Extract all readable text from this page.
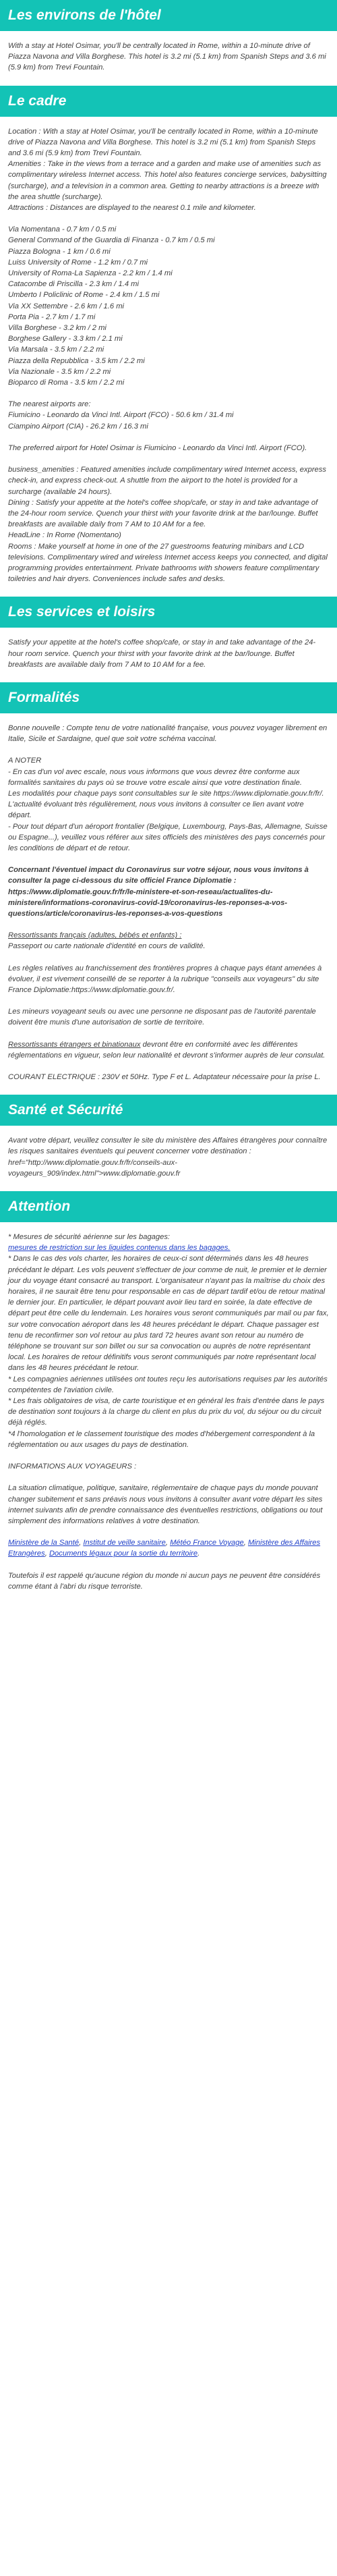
Les environs de l'hôtel

With a stay at Hotel Osimar, you'll be centrally located in Rome, within a 10-minute drive of Piazza Navona and Villa Borghese. This hotel is 3.2 mi (5.1 km) from Spanish Steps and 3.6 mi (5.9 km) from Trevi Fountain.

Le cadre

Location : With a stay at Hotel Osimar, you'll be centrally located in Rome, within a 10-minute drive of Piazza Navona and Villa Borghese. This hotel is 3.2 mi (5.1 km) from Spanish Steps and 3.6 mi (5.9 km) from Trevi Fountain.
Amenities : Take in the views from a terrace and a garden and make use of amenities such as complimentary wireless Internet access. This hotel also features concierge services, babysitting (surcharge), and a television in a common area. Getting to nearby attractions is a breeze with the area shuttle (surcharge).
Attractions : Distances are displayed to the nearest 0.1 mile and kilometer.

Via Nomentana - 0.7 km / 0.5 mi
General Command of the Guardia di Finanza - 0.7 km / 0.5 mi
Piazza Bologna - 1 km / 0.6 mi
Luiss University of Rome - 1.2 km / 0.7 mi
University of Roma-La Sapienza - 2.2 km / 1.4 mi
Catacombe di Priscilla - 2.3 km / 1.4 mi
Umberto I Policlinic of Rome - 2.4 km / 1.5 mi
Via XX Settembre - 2.6 km / 1.6 mi
Porta Pia - 2.7 km / 1.7 mi
Villa Borghese - 3.2 km / 2 mi
Borghese Gallery - 3.3 km / 2.1 mi
Via Marsala - 3.5 km / 2.2 mi
Piazza della Repubblica - 3.5 km / 2.2 mi
Via Nazionale - 3.5 km / 2.2 mi
Bioparco di Roma - 3.5 km / 2.2 mi

The nearest airports are:
Fiumicino - Leonardo da Vinci Intl. Airport (FCO) - 50.6 km / 31.4 mi
Ciampino Airport (CIA) - 26.2 km / 16.3 mi

The preferred airport for Hotel Osimar is Fiumicino - Leonardo da Vinci Intl. Airport (FCO).

business_amenities : Featured amenities include complimentary wired Internet access, express check-in, and express check-out. A shuttle from the airport to the hotel is provided for a surcharge (available 24 hours).
Dining : Satisfy your appetite at the hotel's coffee shop/cafe, or stay in and take advantage of the 24-hour room service. Quench your thirst with your favorite drink at the bar/lounge. Buffet breakfasts are available daily from 7 AM to 10 AM for a fee.
HeadLine : In Rome (Nomentano)
Rooms : Make yourself at home in one of the 27 guestrooms featuring minibars and LCD televisions. Complimentary wired and wireless Internet access keeps you connected, and digital programming provides entertainment. Private bathrooms with showers feature complimentary toiletries and hair dryers. Conveniences include safes and desks.

Les services et loisirs

Satisfy your appetite at the hotel's coffee shop/cafe, or stay in and take advantage of the 24-hour room service. Quench your thirst with your favorite drink at the bar/lounge. Buffet breakfasts are available daily from 7 AM to 10 AM for a fee.

Formalités

Bonne nouvelle : Compte tenu de votre nationalité française, vous pouvez voyager librement en Italie, Sicile et Sardaigne, quel que soit votre schéma vaccinal.

A NOTER
- En cas d'un vol avec escale, nous vous informons que vous devrez être conforme aux formalités sanitaires du pays où se trouve votre escale ainsi que votre destination finale.
Les modalités pour chaque pays sont consultables sur le site https://www.diplomatie.gouv.fr/fr/. L'actualité évoluant très régulièrement, nous vous invitons à consulter ce lien avant votre départ.
- Pour tout départ d'un aéroport frontalier (Belgique, Luxembourg, Pays-Bas, Allemagne, Suisse ou Espagne...), veuillez vous référer aux sites officiels des ministères des pays concernés pour les conditions de départ et de retour.

Concernant l'éventuel impact du Coronavirus sur votre séjour, nous vous invitons à consulter la page ci-dessous du site officiel France Diplomatie : https://www.diplomatie.gouv.fr/fr/le-ministere-et-son-reseau/actualites-du-ministere/informations-coronavirus-covid-19/coronavirus-les-reponses-a-vos-questions/article/coronavirus-les-reponses-a-vos-questions

Ressortissants français (adultes, bébés et enfants) :
Passeport ou carte nationale d'identité en cours de validité.

Les règles relatives au franchissement des frontières propres à chaque pays étant amenées à évoluer, il est vivement conseillé de se reporter à la rubrique "conseils aux voyageurs" du site France Diplomatie:https://www.diplomatie.gouv.fr/.

Les mineurs voyageant seuls ou avec une personne ne disposant pas de l'autorité parentale doivent être munis d'une autorisation de sortie de territoire.

Ressortissants étrangers et binationaux devront être en conformité avec les différentes réglementations en vigueur, selon leur nationalité et devront s'informer auprès de leur consulat.

COURANT ELECTRIQUE : 230V et 50Hz. Type F et L. Adaptateur nécessaire pour la prise L.

Santé et Sécurité

Avant votre départ, veuillez consulter le site du ministère des Affaires étrangères pour connaître les risques sanitaires éventuels qui peuvent concerner votre destination : href="http://www.diplomatie.gouv.fr/fr/conseils-aux-voyageurs_909/index.html">www.diplomatie.gouv.fr

Attention

* Mesures de sécurité aérienne sur les bagages:
mesures de restriction sur les liquides contenus dans les bagages.
* Dans le cas des vols charter, les horaires de ceux-ci sont déterminés dans les 48 heures précédant le départ. Les vols peuvent s'effectuer de jour comme de nuit, le premier et le dernier jour du voyage étant consacré au transport. L'organisateur n'ayant pas la maîtrise du choix des horaires, il ne saurait être tenu pour responsable en cas de départ tardif et/ou de retour matinal le dernier jour. En particulier, le départ pouvant avoir lieu tard en soirée, la date effective de départ peut être celle du lendemain. Les horaires vous seront communiqués par mail ou par fax, sur votre convocation aéroport dans les 48 heures précédant le départ. Chaque passager est tenu de reconfirmer son vol retour au plus tard 72 heures avant son retour au numéro de téléphone se trouvant sur son billet ou sur sa convocation ou auprès de notre représentant local. Les horaires de retour définitifs vous seront communiqués par notre représentant local dans les 48 heures précédant le retour.
* Les compagnies aériennes utilisées ont toutes reçu les autorisations requises par les autorités compétentes de l'aviation civile.
* Les frais obligatoires de visa, de carte touristique et en général les frais d'entrée dans le pays de destination sont toujours à la charge du client en plus du prix du vol, du séjour ou du circuit déjà réglés.
*4 l'homologation et le classement touristique des modes d'hébergement correspondent à la réglementation ou aux usages du pays de destination.

INFORMATIONS AUX VOYAGEURS :

La situation climatique, politique, sanitaire, réglementaire de chaque pays du monde pouvant changer subitement et sans préavis nous vous invitons à consulter avant votre départ les sites internet suivants afin de prendre connaissance des éventuelles restrictions, obligations ou tout simplement des informations relatives à votre destination.

Ministère de la Santé, Institut de veille sanitaire, Météo France Voyage, Ministère des Affaires Etrangères, Documents légaux pour la sortie du territoire.

Toutefois il est rappelé qu'aucune région du monde ni aucun pays ne peuvent être considérés comme étant à l'abri du risque terroriste.
